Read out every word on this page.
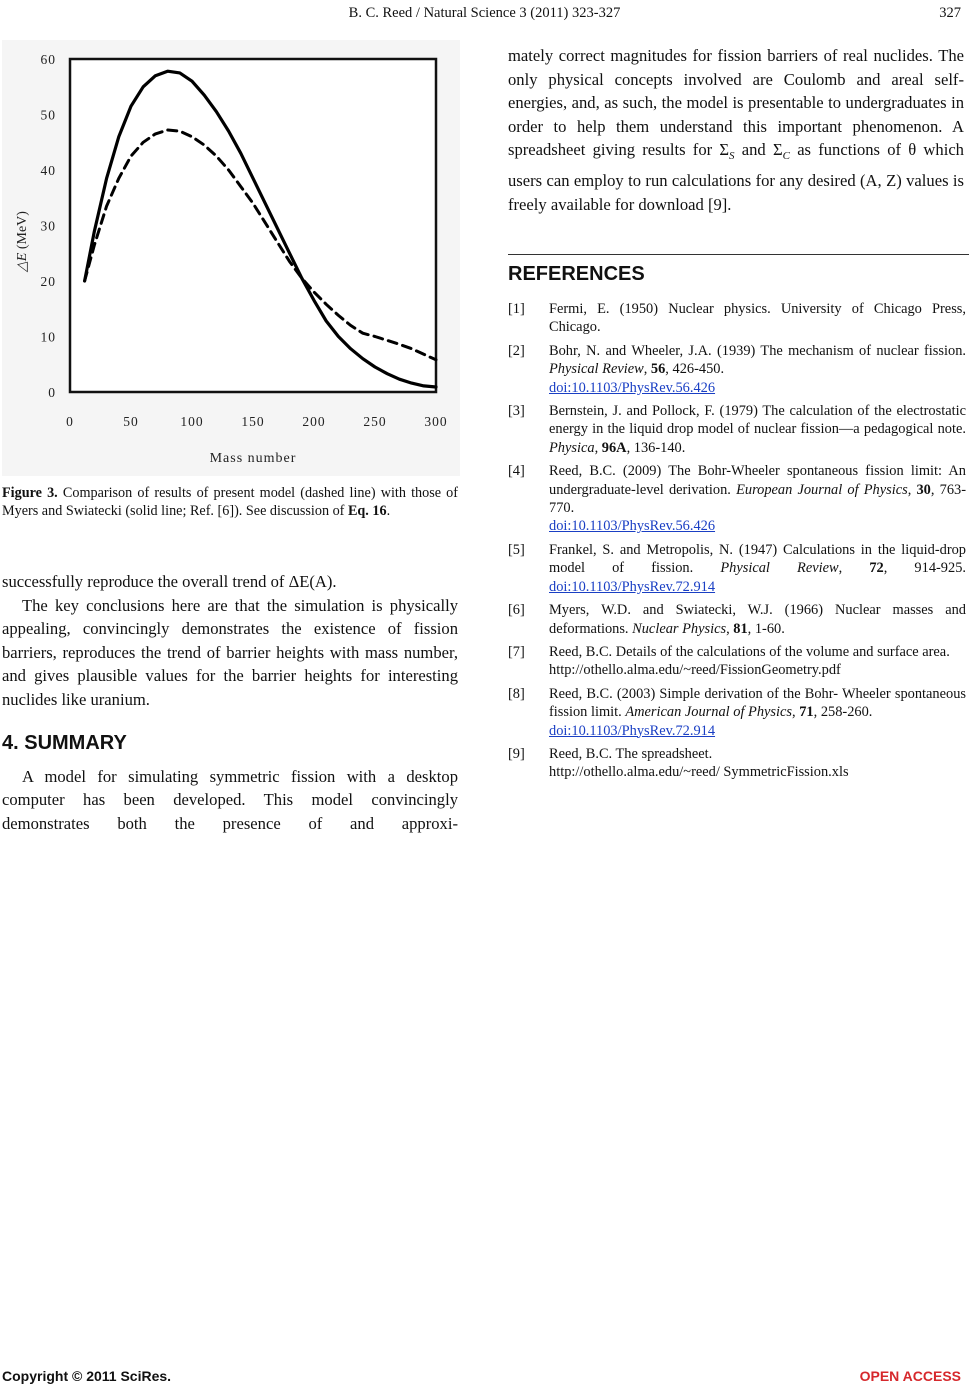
B. C. Reed / Natural Science 3 (2011) 323-327	327
0
10
20
30
40
50
60
0	50	100	150	200	250	300
Mass number
△E (MeV)
Figure 3. Comparison of results of present model (dashed line) with those of Myers and Swiatecki (solid line; Ref. [6]). See discussion of Eq. 16.

successfully reproduce the overall trend of ΔE(A).

The key conclusions here are that the simulation is physically appealing, convincingly demonstrates the existence of fission barriers, reproduces the trend of barrier heights with mass number, and gives plausible values for the barrier heights for interesting nuclides like uranium.

4. SUMMARY

A model for simulating symmetric fission with a desktop computer has been developed. This model convincingly demonstrates both the presence of and approxi-

mately correct magnitudes for fission barriers of real nuclides. The only physical concepts involved are Coulomb and areal self-energies, and, as such, the model is presentable to undergraduates in order to help them understand this important phenomenon. A spreadsheet giving results for $\Sigma_S$ and $\Sigma_C$ as functions of θ which users can employ to run calculations for any desired (A, Z) values is freely available for download [9].

REFERENCES
[1] Fermi, E. (1950) Nuclear physics. University of Chicago Press, Chicago.
[2] Bohr, N. and Wheeler, J.A. (1939) The mechanism of nuclear fission. Physical Review, 56, 426-450.
doi:10.1103/PhysRev.56.426
[3] Bernstein, J. and Pollock, F. (1979) The calculation of the electrostatic energy in the liquid drop model of nuclear fission—a pedagogical note. Physica, 96A, 136-140.
[4] Reed, B.C. (2009) The Bohr-Wheeler spontaneous fission limit: An undergraduate-level derivation. European Journal of Physics, 30, 763-770.
doi:10.1103/PhysRev.56.426
[5] Frankel, S. and Metropolis, N. (1947) Calculations in the liquid-drop model of fission. Physical Review, 72, 914-925. doi:10.1103/PhysRev.72.914
[6] Myers, W.D. and Swiatecki, W.J. (1966) Nuclear masses and deformations. Nuclear Physics, 81, 1-60.
[7] Reed, B.C. Details of the calculations of the volume and surface area.
http://othello.alma.edu/~reed/FissionGeometry.pdf
[8] Reed, B.C. (2003) Simple derivation of the Bohr- Wheeler spontaneous fission limit. American Journal of Physics, 71, 258-260.
doi:10.1103/PhysRev.72.914
[9] Reed, B.C. The spreadsheet.
http://othello.alma.edu/~reed/ SymmetricFission.xls
Copyright © 2011 SciRes.	OPEN ACCESS
